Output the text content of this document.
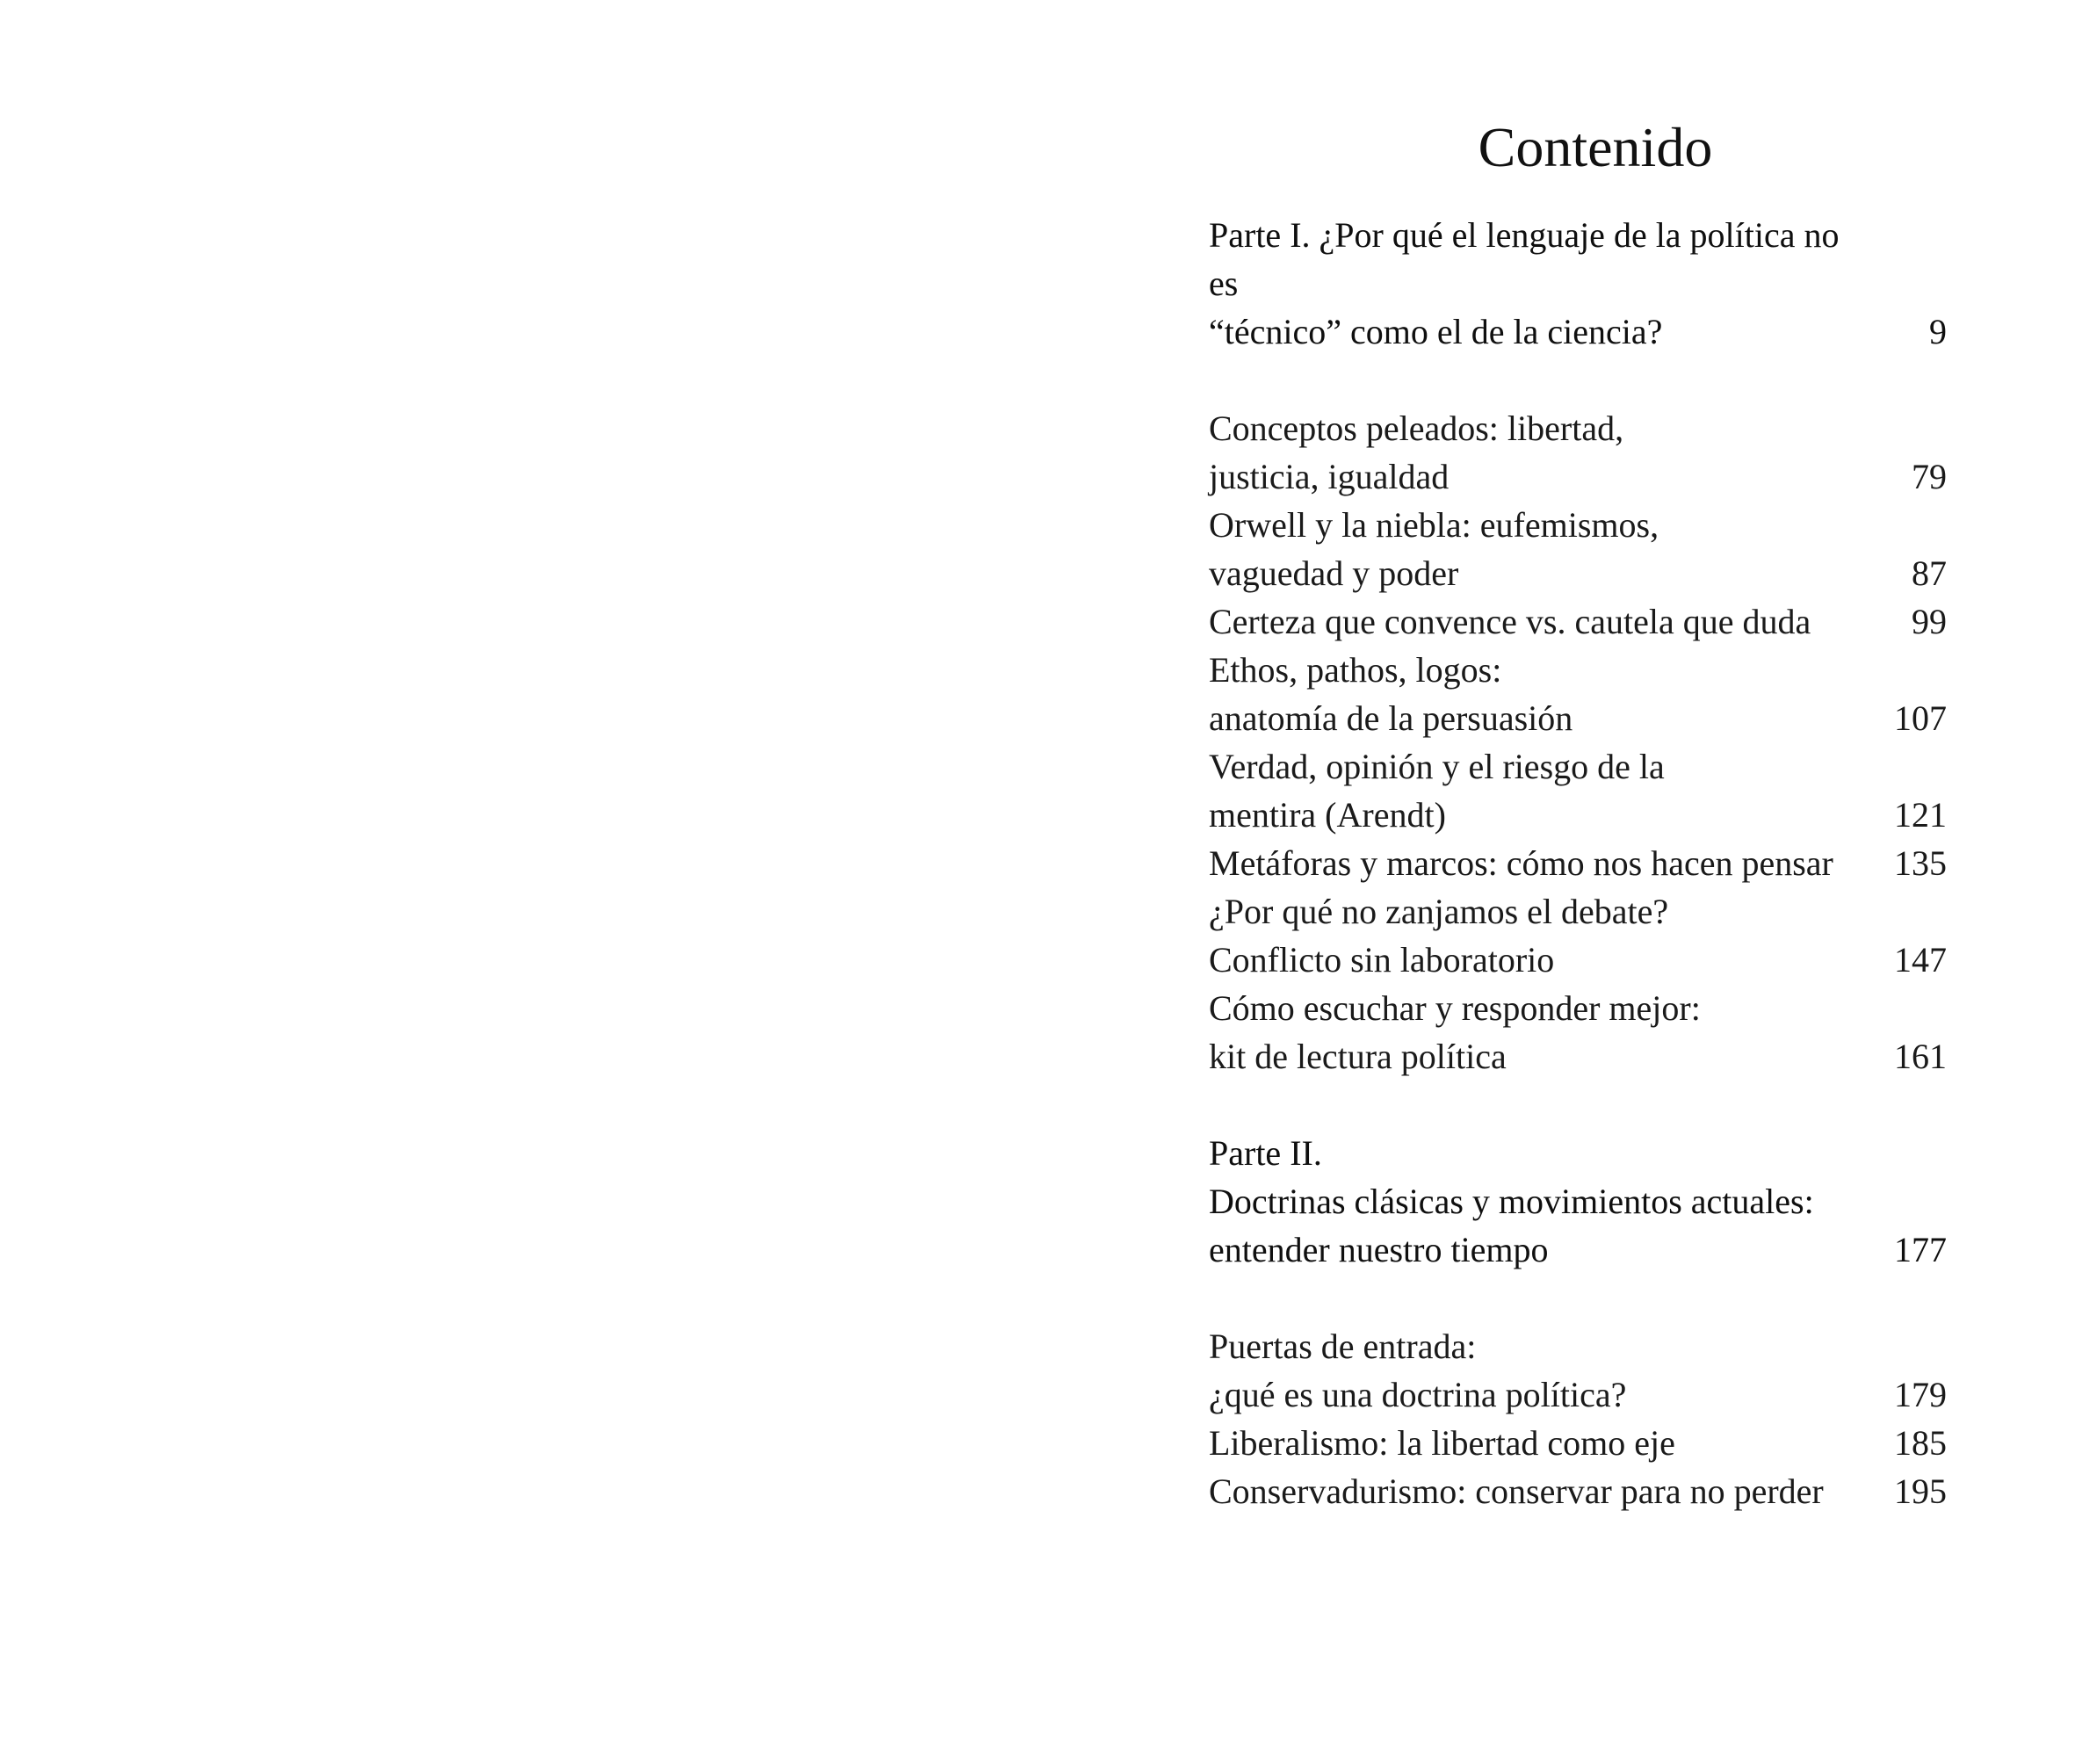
Contenido
Parte I. ¿Por qué el lenguaje de la política no es
“técnico” como el de la ciencia?	9
Conceptos peleados: libertad,
justicia, igualdad	79
Orwell y la niebla: eufemismos,
vaguedad y poder	87
Certeza que convence vs. cautela que duda	99
Ethos, pathos, logos:
anatomía de la persuasión	107
Verdad, opinión y el riesgo de la
mentira (Arendt)	121
Metáforas y marcos: cómo nos hacen pensar	135
¿Por qué no zanjamos el debate?
Conflicto sin laboratorio	147
Cómo escuchar y responder mejor:
kit de lectura política	161
Parte II.
Doctrinas clásicas y movimientos actuales:
entender nuestro tiempo	177
Puertas de entrada:
¿qué es una doctrina política?	179
Liberalismo: la libertad como eje	185
Conservadurismo: conservar para no perder	195
